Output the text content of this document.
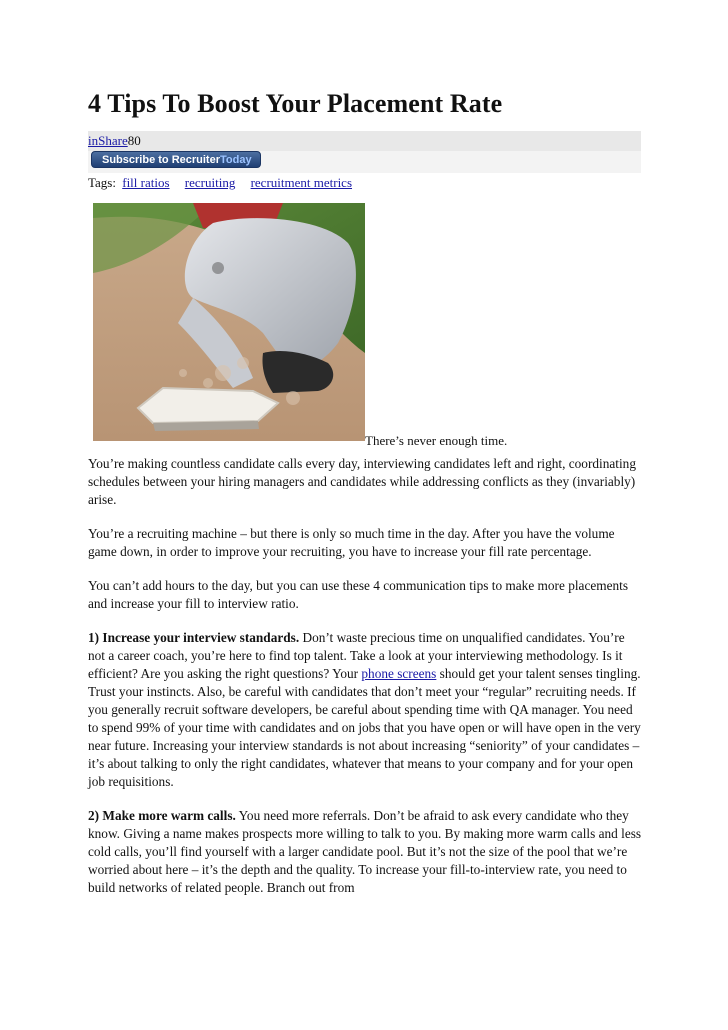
4 Tips To Boost Your Placement Rate
inShare80
Subscribe to RecruiterToday
Tags: fill ratios recruiting recruitment metrics
There’s never enough time.

You’re making countless candidate calls every day, interviewing candidates left and right, coordinating schedules between your hiring managers and candidates while addressing conflicts as they (invariably) arise.

You’re a recruiting machine – but there is only so much time in the day. After you have the volume game down, in order to improve your recruiting, you have to increase your fill rate percentage.

You can’t add hours to the day, but you can use these 4 communication tips to make more placements and increase your fill to interview ratio.

1) Increase your interview standards. Don’t waste precious time on unqualified candidates. You’re not a career coach, you’re here to find top talent. Take a look at your interviewing methodology. Is it efficient? Are you asking the right questions? Your phone screens should get your talent senses tingling. Trust your instincts. Also, be careful with candidates that don’t meet your “regular” recruiting needs. If you generally recruit software developers, be careful about spending time with QA manager. You need to spend 99% of your time with candidates and on jobs that you have open or will have open in the very near future. Increasing your interview standards is not about increasing “seniority” of your candidates – it’s about talking to only the right candidates, whatever that means to your company and for your open job requisitions.

2) Make more warm calls. You need more referrals. Don’t be afraid to ask every candidate who they know. Giving a name makes prospects more willing to talk to you. By making more warm calls and less cold calls, you’ll find yourself with a larger candidate pool. But it’s not the size of the pool that we’re worried about here – it’s the depth and the quality. To increase your fill-to-interview rate, you need to build networks of related people. Branch out from
